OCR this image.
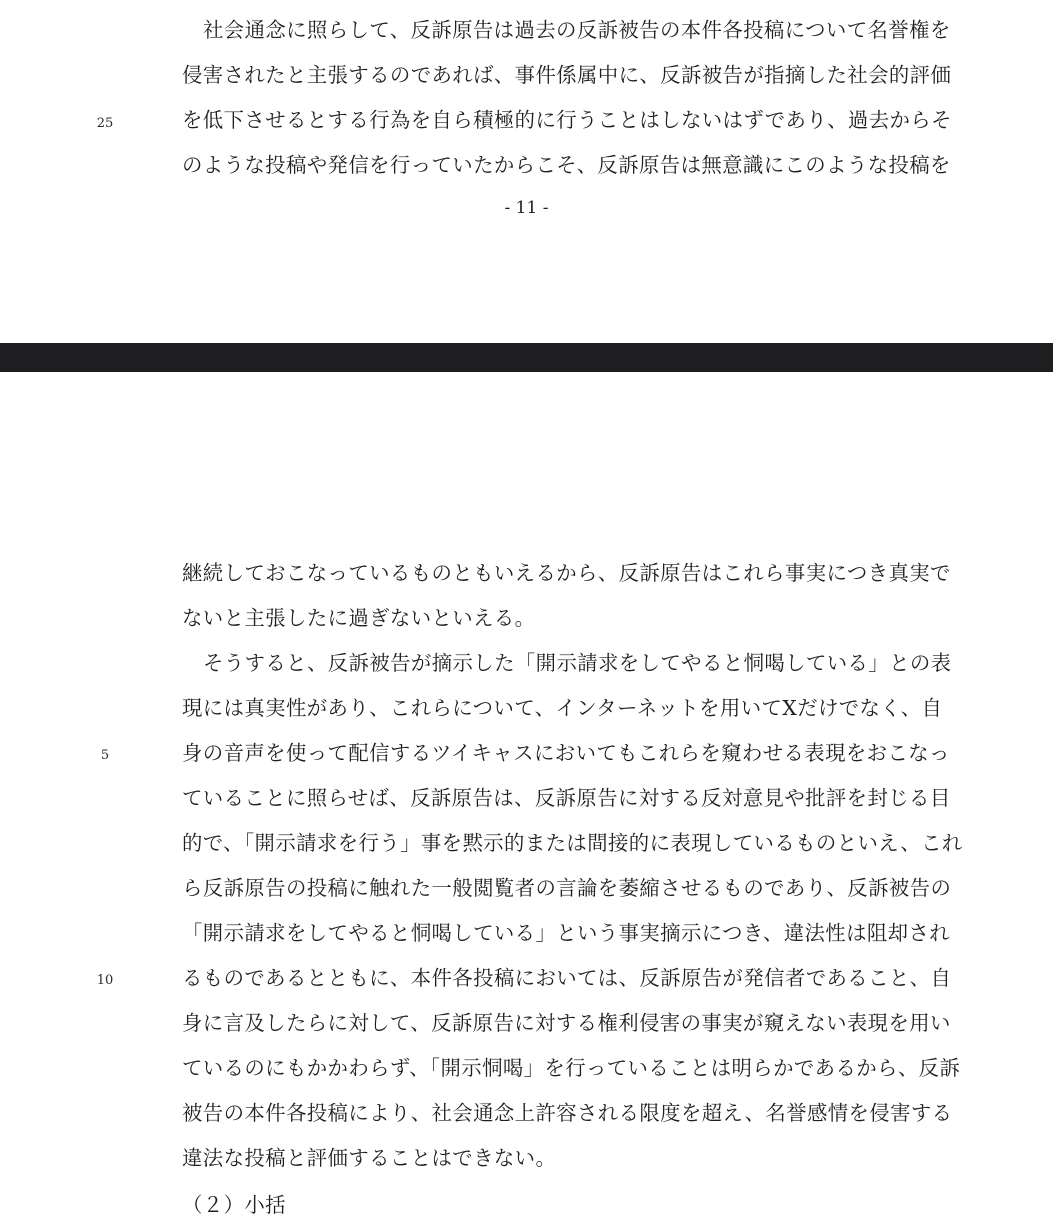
社会通念に照らして、反訴原告は過去の反訴被告の本件各投稿について名誉権を
侵害されたと主張するのであれば、事件係属中に、反訴被告が指摘した社会的評価
を低下させるとする行為を自ら積極的に行うことはしないはずであり、過去からそ
のような投稿や発信を行っていたからこそ、反訴原告は無意識にこのような投稿を
25
- 11 -
継続しておこなっているものともいえるから、反訴原告はこれら事実につき真実で
ないと主張したに過ぎないといえる。
そうすると、反訴被告が摘示した「開示請求をしてやると恫喝している」との表
現には真実性があり、これらについて、インターネットを用いてXだけでなく、自
身の音声を使って配信するツイキャスにおいてもこれらを窺わせる表現をおこなっ
ていることに照らせば、反訴原告は、反訴原告に対する反対意見や批評を封じる目
的で、「開示請求を行う」事を黙示的または間接的に表現しているものといえ、これ
ら反訴原告の投稿に触れた一般閲覧者の言論を萎縮させるものであり、反訴被告の
「開示請求をしてやると恫喝している」という事実摘示につき、違法性は阻却され
るものであるとともに、本件各投稿においては、反訴原告が発信者であること、自
身に言及したらに対して、反訴原告に対する権利侵害の事実が窺えない表現を用い
ているのにもかかわらず、「開示恫喝」を行っていることは明らかであるから、反訴
被告の本件各投稿により、社会通念上許容される限度を超え、名誉感情を侵害する
違法な投稿と評価することはできない。
（２）小括
5
10
